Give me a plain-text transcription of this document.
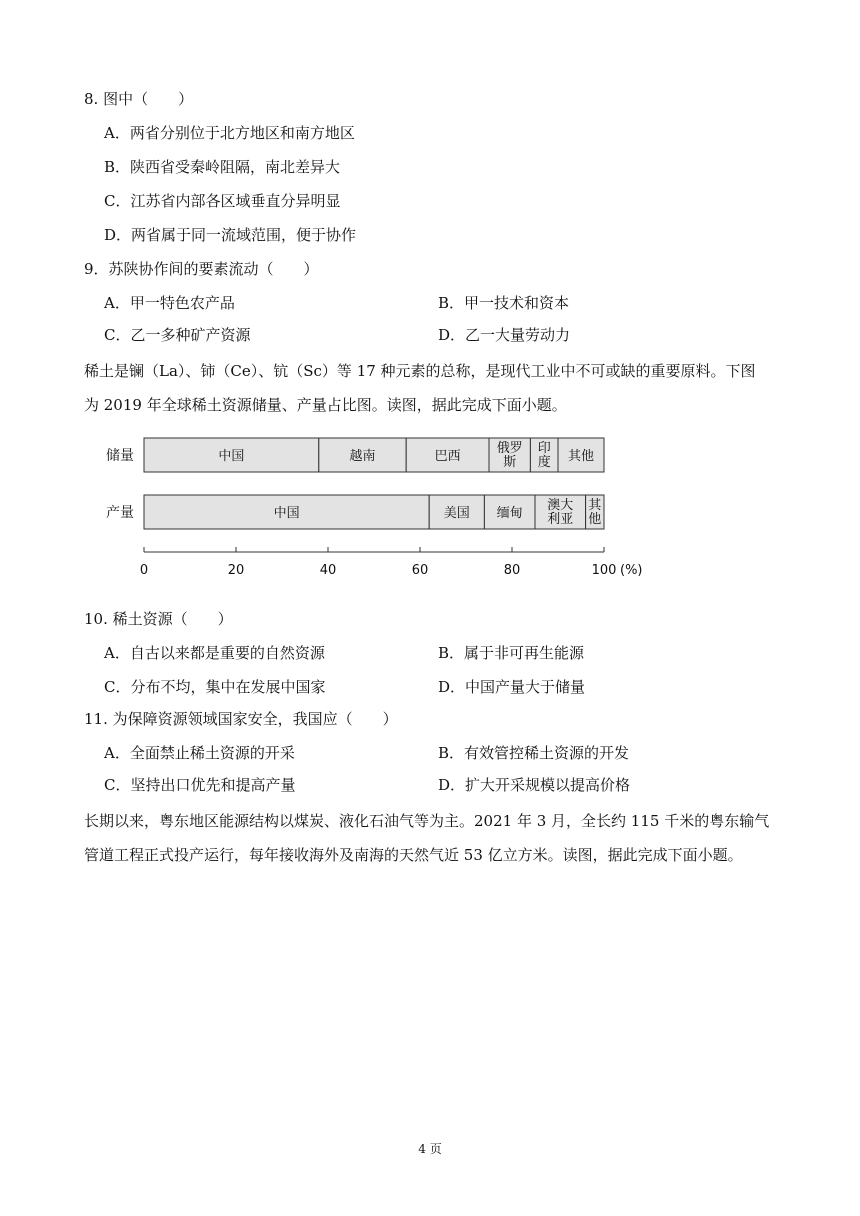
8. 图中（　　）
A．两省分别位于北方地区和南方地区
B．陕西省受秦岭阻隔，南北差异大
C．江苏省内部各区域垂直分异明显
D．两省属于同一流域范围，便于协作
9．苏陕协作间的要素流动（　　）
A．甲一特色农产品	B．甲一技术和资本
C．乙一多种矿产资源	D．乙一大量劳动力
稀土是镧（La）、铈（Ce）、钪（Sc）等 17 种元素的总称，是现代工业中不可或缺的重要原料。下图
为 2019 年全球稀土资源储量、产量占比图。读图，据此完成下面小题。
储量	中国	越南	巴西
俄罗
斯
印
度 其他
产量	中国	美国 缅甸
澳大
利亚
其
他
0	20	40	60	80	100 (%)
10. 稀土资源（　　）
A．自古以来都是重要的自然资源	B．属于非可再生能源
C．分布不均，集中在发展中国家	D．中国产量大于储量
11. 为保障资源领域国家安全，我国应（　　）
A．全面禁止稀土资源的开采	B．有效管控稀土资源的开发
C．坚持出口优先和提高产量	D．扩大开采规模以提高价格
长期以来，粤东地区能源结构以煤炭、液化石油气等为主。2021 年 3 月，全长约 115 千米的粤东输气
管道工程正式投产运行，每年接收海外及南海的天然气近 53 亿立方米。读图，据此完成下面小题。
4 页
